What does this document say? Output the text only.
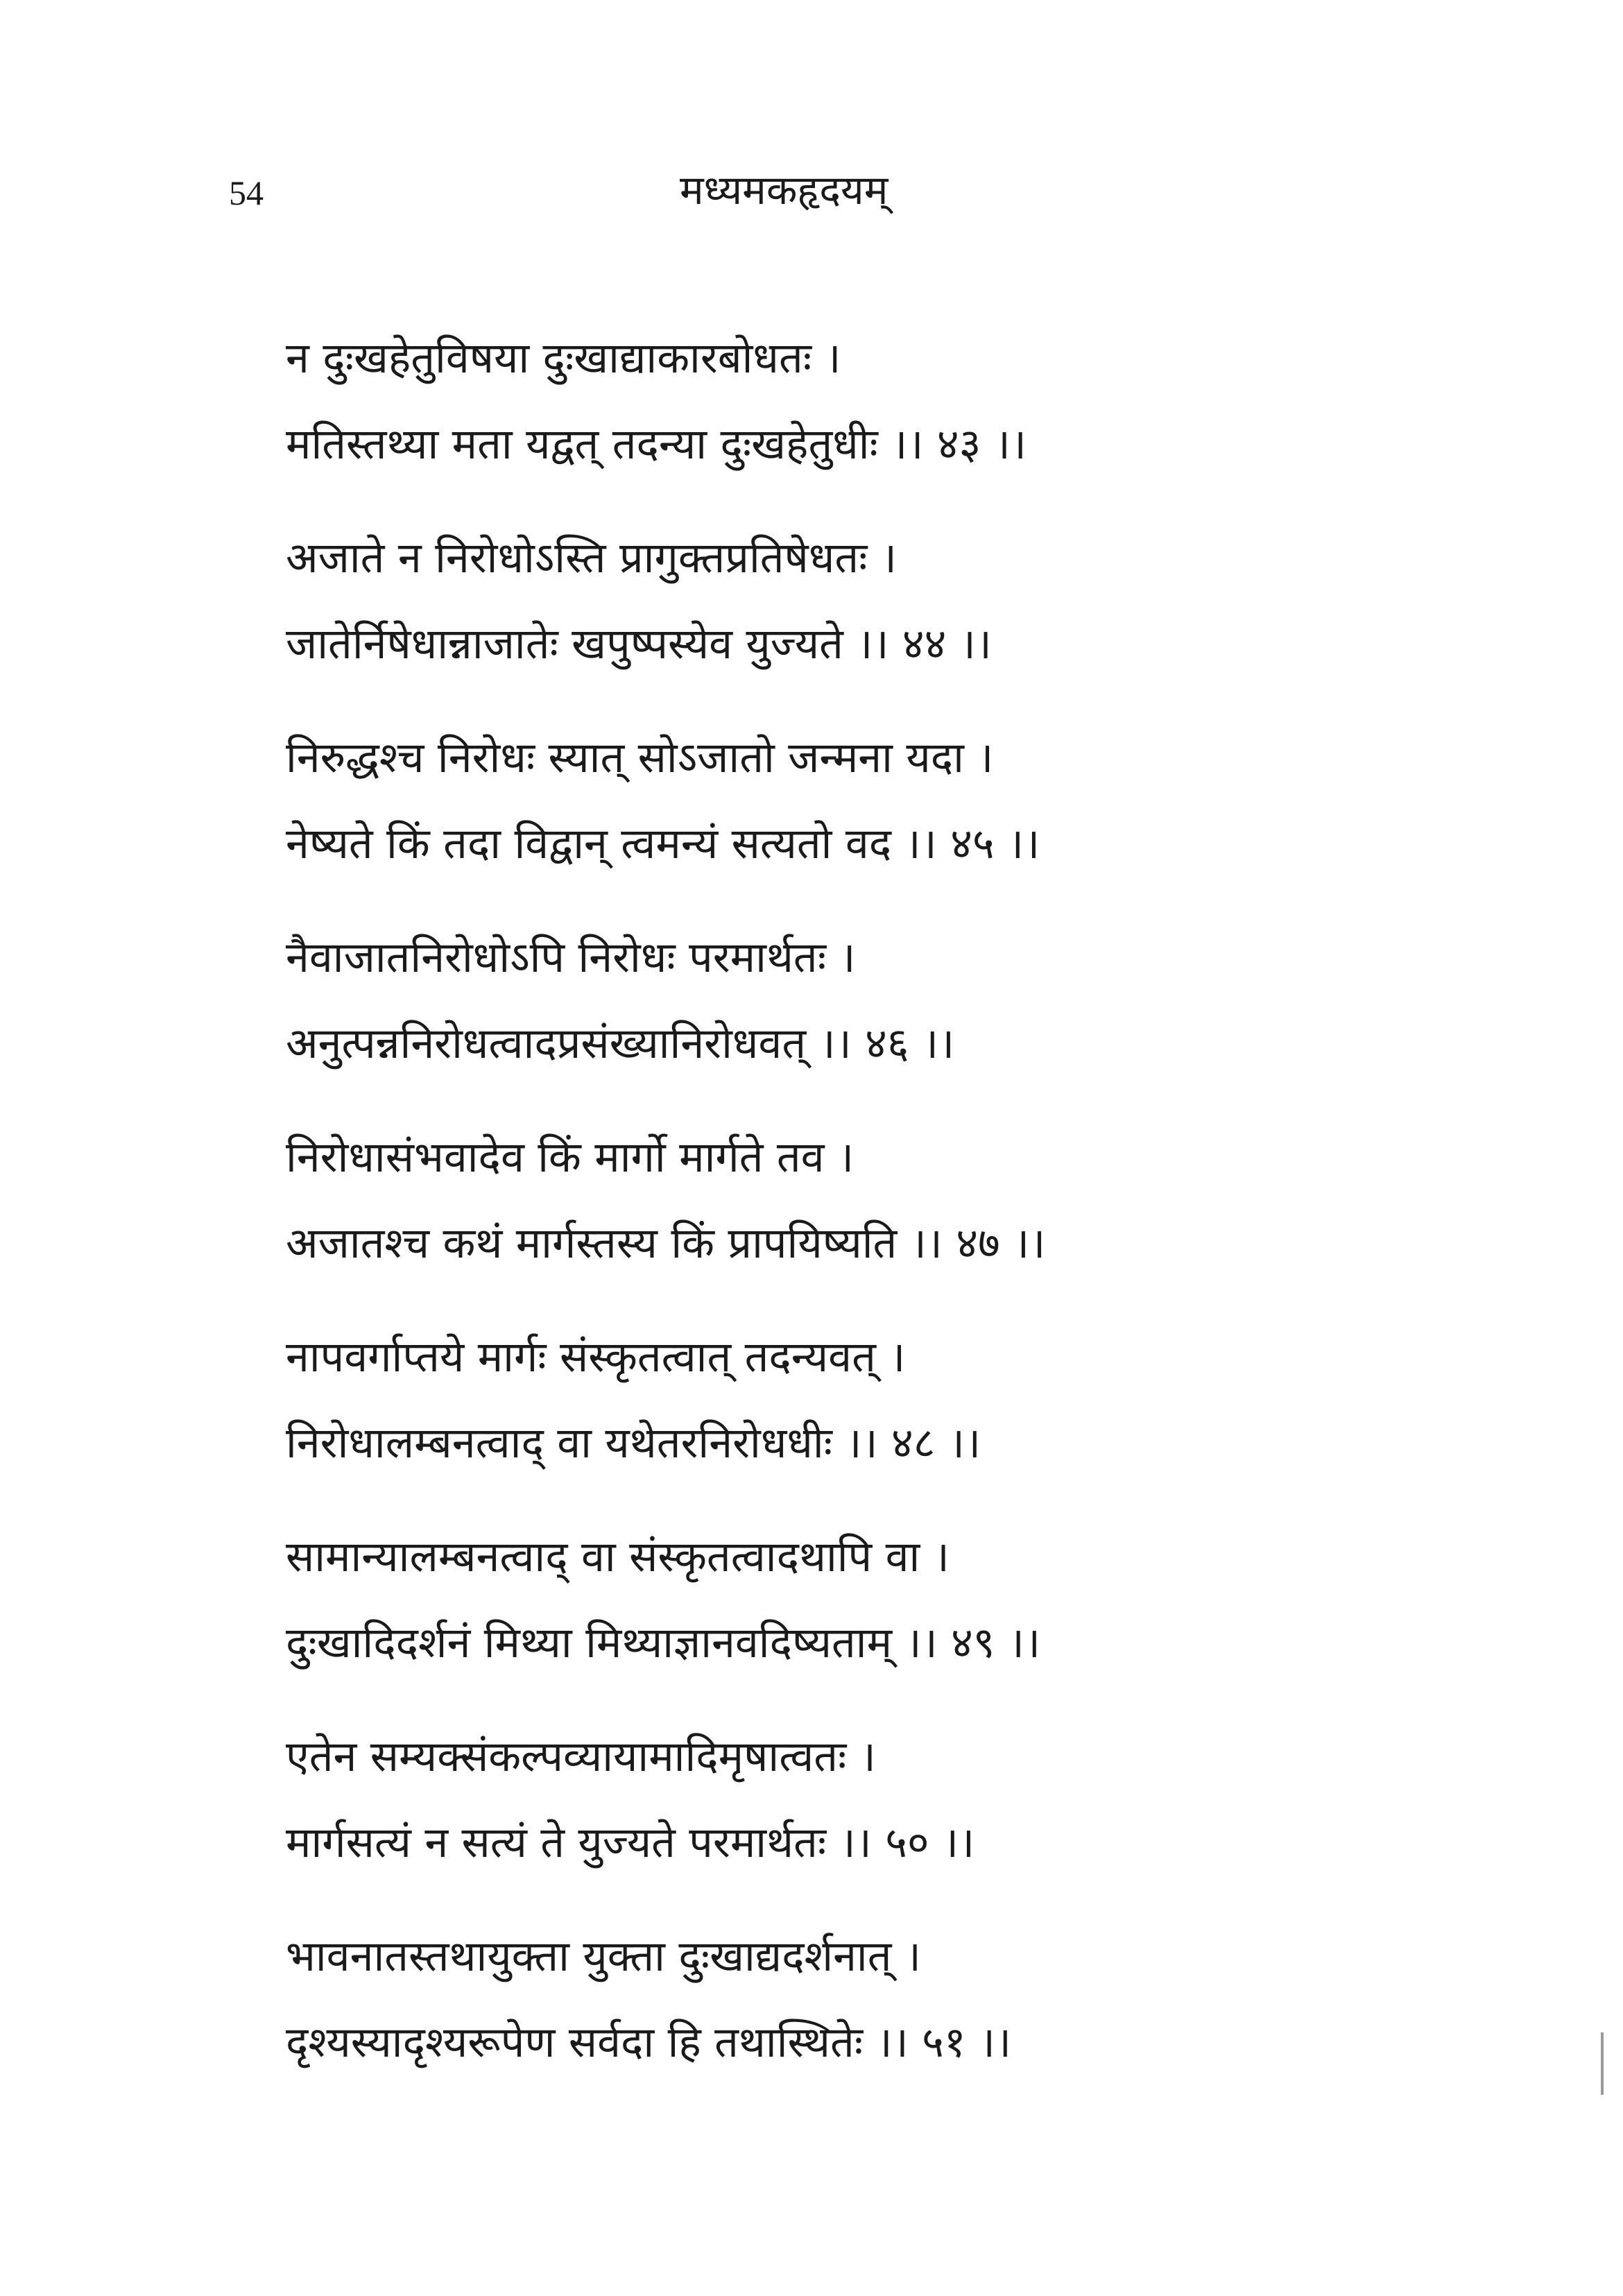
54	मध्यमकहृदयम्
न दुःखहेतुविषया दुःखाद्याकारबोधतः ।
मतिस्तथ्या मता यद्वत् तदन्या दुःखहेतुधीः ।। ४३ ।।
अजाते न निरोधोऽस्ति प्रागुक्तप्रतिषेधतः ।
जातेर्निषेधान्नाजातेः खपुष्पस्येव युज्यते ।। ४४ ।।
निरुद्धश्च निरोधः स्यात् सोऽजातो जन्मना यदा ।
नेष्यते किं तदा विद्वान् त्वमन्यं सत्यतो वद ।। ४५ ।।
नैवाजातनिरोधोऽपि निरोधः परमार्थतः ।
अनुत्पन्ननिरोधत्वादप्रसंख्यानिरोधवत् ।। ४६ ।।
निरोधासंभवादेव किं मार्गो मार्गते तव ।
अजातश्च कथं मार्गस्तस्य किं प्रापयिष्यति ।। ४७ ।।
नापवर्गाप्तये मार्गः संस्कृतत्वात् तदन्यवत् ।
निरोधालम्बनत्वाद् वा यथेतरनिरोधधीः ।। ४८ ।।
सामान्यालम्बनत्वाद् वा संस्कृतत्वादथापि वा ।
दुःखादिदर्शनं मिथ्या मिथ्याज्ञानवदिष्यताम् ।। ४९ ।।
एतेन सम्यक्संकल्पव्यायामादिमृषात्वतः ।
मार्गसत्यं न सत्यं ते युज्यते परमार्थतः ।। ५० ।।
भावनातस्तथायुक्ता युक्ता दुःखाद्यदर्शनात् ।
दृश्यस्यादृश्यरूपेण सर्वदा हि तथास्थितेः ।। ५१ ।।
